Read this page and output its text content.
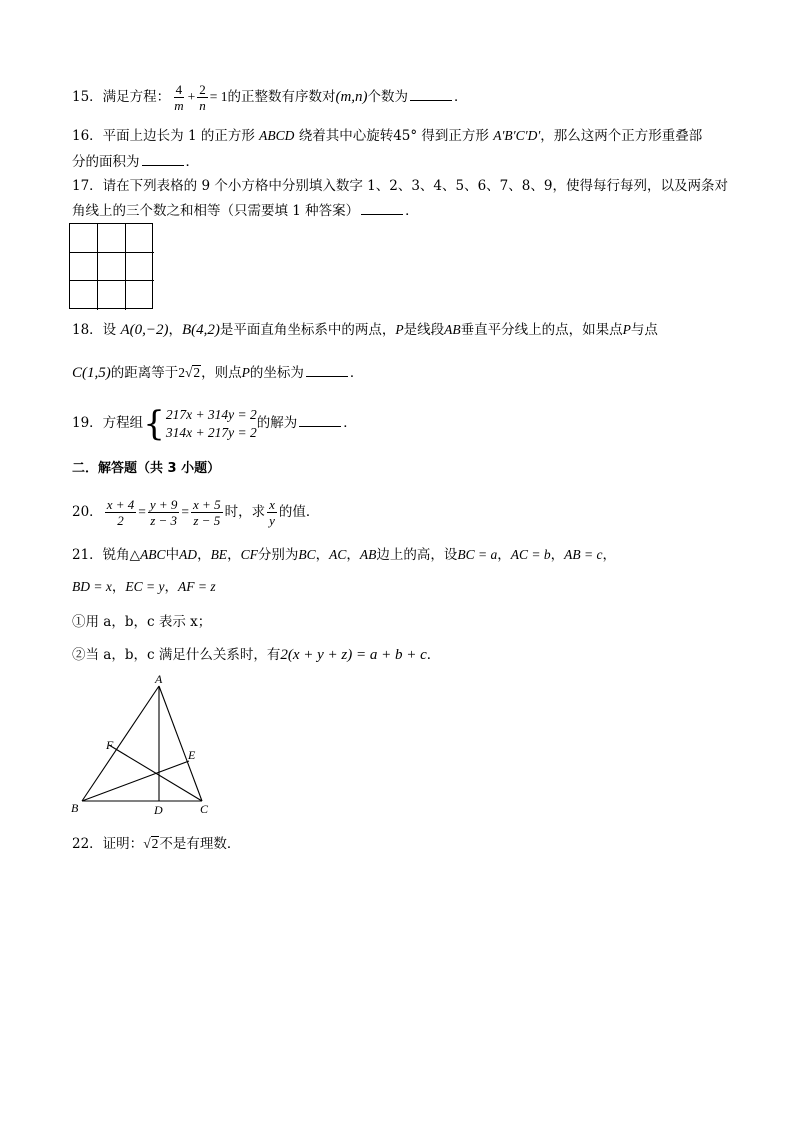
15．满足方程： $\frac{4}{m} + \frac{2}{n} = 1$的正整数有序数对(m,n)个数为	．
16．平面上边长为 1 的正方形 ABCD 绕着其中心旋转45° 得到正方形 A′B′C′D′，那么这两个正方形重叠部
分的面积为	．
17．请在下列表格的 9 个小方格中分别填入数字 1、2、3、4、5、6、7、8、9，使得每行每列，以及两条对
角线上的三个数之和相等（只需要填 1 种答案）	．
18．设 A(0,−2)，B(4,2)是平面直角坐标系中的两点，P是线段AB垂直平分线上的点，如果点P与点
C(1,5)的距离等于2√2，则点P的坐标为	．
19．方程组{ 217x + 314y = 2
314x + 217y = 2
的解为	．
二．解答题（共 3 小题）
20． $\frac{x + 4}{2} = \frac{y + 9}{z - 3} = \frac{x + 5}{z - 5}$ 时，求 $\frac{x}{y}$ 的值．
21．锐角△ABC中AD，BE，CF分别为BC，AC，AB边上的高，设BC = a，AC = b，AB = c，
BD = x，EC = y，AF = z
①用 a，b，c 表示 x；
②当 a，b，c 满足什么关系时，有2(x + y + z) = a + b + c．
A
B	C
D
E
F
22．证明：√2不是有理数．
